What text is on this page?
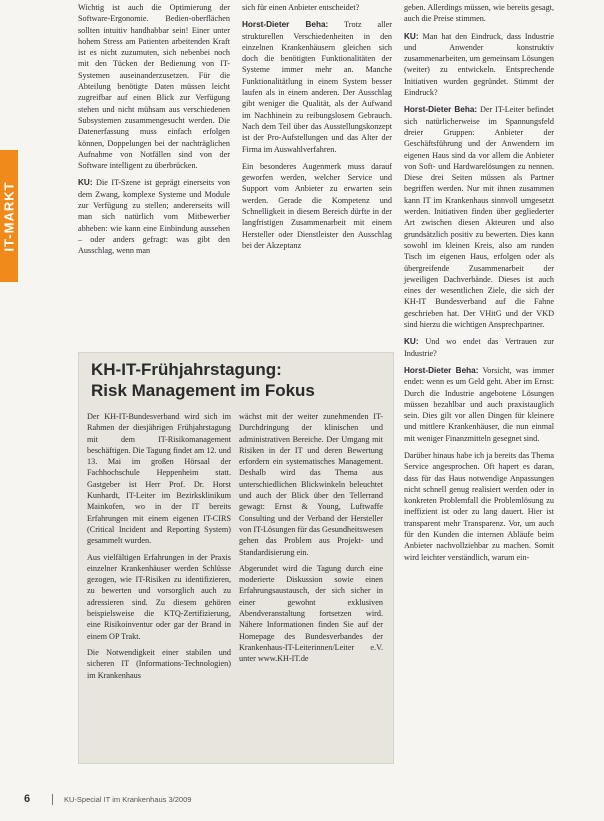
IT-MARKT

Wichtig ist auch die Optimierung der Software-Ergonomie. Bedien-oberflächen sollten intuitiv handhabbar sein! Einer unter hohem Stress am Patienten arbeitenden Kraft ist es nicht zuzumuten, sich nebenbei noch mit den Tücken der Bedienung von IT-Systemen auseinanderzusetzen. Für die Abteilung benötigte Daten müssen leicht zugreifbar auf einen Blick zur Verfügung stehen und nicht mühsam aus verschiedenen Subsystemen zusammengesucht werden. Die Datenerfassung muss einfach erfolgen können, Doppelungen bei der nachträglichen Aufnahme von Notfällen sind von der Software intelligent zu überbrücken.

KU: Die IT-Szene ist geprägt einerseits von dem Zwang, komplexe Systeme und Module zur Verfügung zu stellen; andererseits will man sich natürlich vom Mitbewerber abheben: wie kann eine Einbindung aussehen – oder anders gefragt: was gibt den Ausschlag, wenn man

sich für einen Anbieter entscheidet?

Horst-Dieter Beha: Trotz aller strukturellen Verschiedenheiten in den einzelnen Krankenhäusern gleichen sich doch die benötigten Funktionalitäten der Systeme immer mehr an. Manche Funktionalitätlung in einem System besser laufen als in einem anderen. Der Ausschlag gibt weniger die Qualität, als der Aufwand im Nachhinein zu reibungslosem Gebrauch. Nach dem Teil über das Ausstellungskonzept ist der Pro-Aufstellungen und das Alter der Firma im Auswahlverfahren.

Ein besonderes Augenmerk muss darauf geworfen werden, welcher Service und Support vom Anbieter zu erwarten sein werden. Gerade die Kompetenz und Schnelligkeit in diesem Bereich dürfte in der langfristigen Zusammenarbeit mit einem Hersteller oder Dienstleister den Ausschlag bei der Akzeptanz

geben. Allerdings müssen, wie bereits gesagt, auch die Preise stimmen.

KU: Man hat den Eindruck, dass Industrie und Anwender konstruktiv zusammenarbeiten, um gemeinsam Lösungen (weiter) zu entwickeln. Entsprechende Initiativen wurden gegründet. Stimmt der Eindruck?

Horst-Dieter Beha: Der IT-Leiter befindet sich natürlicherweise im Spannungsfeld dreier Gruppen: Anbieter der Geschäftsführung und der Anwendern im eigenen Haus sind da vor allem die Anbieter von Soft- und Hardwarelösungen zu nennen. Diese drei Seiten müssen als Partner begriffen werden. Nur mit ihnen zusammen kann IT im Krankenhaus sinnvoll umgesetzt werden. Initiativen finden über gegliederter Art zwischen diesen Akteuren und also grundsätzlich positiv zu bewerten. Dies kann sowohl im kleinen Kreis, also am runden Tisch im eigenen Haus, erfolgen oder als übergreifende Zusammenarbeit der jeweiligen Dachverbände. Dieses ist auch eines der wesentlichen Ziele, die sich der KH-IT Bundesverband auf die Fahne geschrieben hat. Der VHitG und der VKD sind hierzu die wichtigen Ansprechpartner.

KU: Und wo endet das Vertrauen zur Industrie?

Horst-Dieter Beha: Vorsicht, was immer endet: wenn es um Geld geht. Aber im Ernst: Durch die Industrie angebotene Lösungen müssen bezahlbar und auch praxistauglich sein. Dies gilt vor allen Dingen für kleinere und mittlere Krankenhäuser, die nun einmal mit weniger Finanzmitteln gesegnet sind.

Darüber hinaus habe ich ja bereits das Thema Service angesprochen. Oft hapert es daran, dass für das Haus notwendige Anpassungen nicht schnell genug realisiert werden oder in konkreten Problemfall die Problemlösung zu ineffizient ist oder zu lang dauert. Hier ist transparent mehr Transparenz. Vor, um auch für den Kunden die internen Abläufe beim Anbieter nachvollziehbar zu machen. Somit wird leichter verständlich, warum ein-

KH-IT-Frühjahrstagung:
Risk Management im Fokus

Der KH-IT-Bundesverband wird sich im Rahmen der diesjährigen Frühjahrstagung mit dem IT-Risikomanagement beschäftigen. Die Tagung findet am 12. und 13. Mai im großen Hörsaal der Fachhochschule Heppenheim statt. Gastgeber ist Herr Prof. Dr. Horst Kunhardt, IT-Leiter im Bezirksklinikum Mainkofen, wo in der IT bereits Erfahrungen mit einem eigenen IT-CIRS (Critical Incident and Reporting System) gesammelt wurden.

Aus vielfältigen Erfahrungen in der Praxis einzelner Krankenhäuser werden Schlüsse gezogen, wie IT-Risiken zu identifizieren, zu bewerten und vorsorglich auch zu adressieren sind. Zu diesem gehören beispielsweise die KTQ-Zertifizierung, eine Risikoinventur oder gar der Brand in einem OP Trakt.

Die Notwendigkeit einer stabilen und sicheren IT (Informations-Technologien) im Krankenhaus

wächst mit der weiter zunehmenden IT-Durchdringung der klinischen und administrativen Bereiche. Der Umgang mit Risiken in der IT und deren Bewertung erfordern ein systematisches Management. Deshalb wird das Thema aus unterschiedlichen Blickwinkeln beleuchtet und auch der Blick über den Tellerrand gewagt: Ernst & Young, Luftwaffe Consulting und der Verband der Hersteller von IT-Lösungen für das Gesundheitswesen gehen das Problem aus Projekt- und Standardisierung ein.

Abgerundet wird die Tagung durch eine moderierte Diskussion sowie einen Erfahrungsaustausch, der sich sicher in einer gewohnt exklusiven Abendveranstaltung fortsetzen wird. Nähere Informationen finden Sie auf der Homepage des Bundesverbandes der Krankenhaus-IT-Leiterinnen/Leiter e.V. unter www.KH-IT.de

6	KU-Special IT im Krankenhaus 3/2009
